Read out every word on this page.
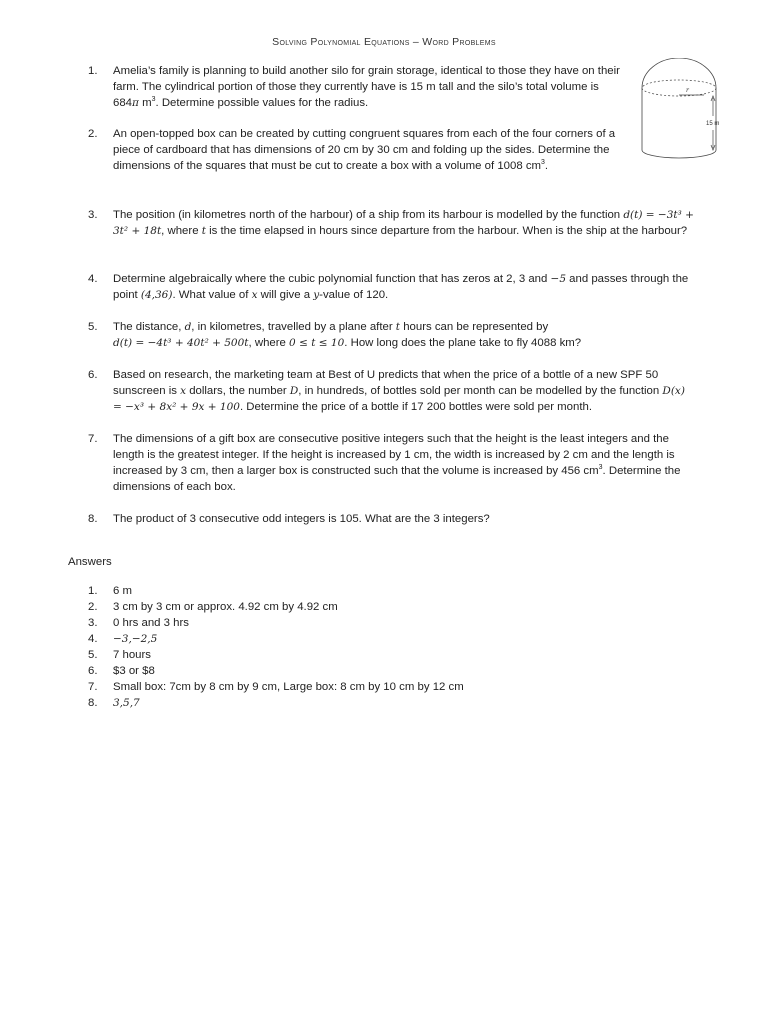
Solving Polynomial Equations – Word Problems
1. Amelia’s family is planning to build another silo for grain storage, identical to those they have on their farm. The cylindrical portion of those they currently have is 15 m tall and the silo’s total volume is 684π $m^3$. Determine possible values for the radius.
2. An open-topped box can be created by cutting congruent squares from each of the four corners of a piece of cardboard that has dimensions of 20 cm by 30 cm and folding up the sides. Determine the dimensions of the squares that must be cut to create a box with a volume of 1008 $cm^3$.
3. The position (in kilometres north of the harbour) of a ship from its harbour is modelled by the function d(t) = −3t³ + 3t² + 18t, where t is the time elapsed in hours since departure from the harbour. When is the ship at the harbour?
4. Determine algebraically where the cubic polynomial function that has zeros at 2, 3 and −5 and passes through the point (4,36). What value of x will give a y-value of 120.
5. The distance, d, in kilometres, travelled by a plane after t hours can be represented by
d(t) = −4t³ + 40t² + 500t, where 0 ≤ t ≤ 10. How long does the plane take to fly 4088 km?
6. Based on research, the marketing team at Best of U predicts that when the price of a bottle of a new SPF 50 sunscreen is x dollars, the number D, in hundreds, of bottles sold per month can be modelled by the function D(x) = −x³ + 8x² + 9x + 100. Determine the price of a bottle if 17 200 bottles were sold per month.
7. The dimensions of a gift box are consecutive positive integers such that the height is the least integers and the length is the greatest integer. If the height is increased by 1 cm, the width is increased by 2 cm and the length is increased by 3 cm, then a larger box is constructed such that the volume is increased by 456 $cm^3$. Determine the dimensions of each box.
8. The product of 3 consecutive odd integers is 105. What are the 3 integers?
r
15 m
Answers
1. 6 m
2. 3 cm by 3 cm or approx. 4.92 cm by 4.92 cm
3. 0 hrs and 3 hrs
4. −3,−2,5
5. 7 hours
6. $3 or $8
7. Small box: 7cm by 8 cm by 9 cm, Large box: 8 cm by 10 cm by 12 cm
8. 3,5,7
